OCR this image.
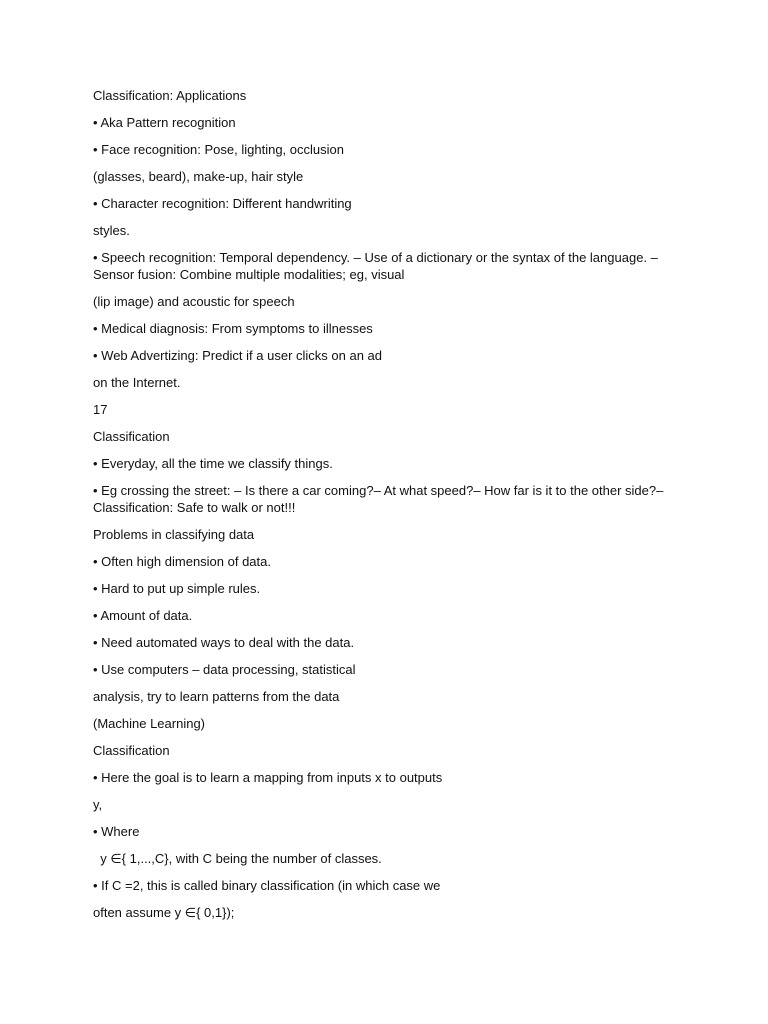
Classification: Applications

• Aka Pattern recognition

• Face recognition: Pose, lighting, occlusion

(glasses, beard), make-up, hair style

• Character recognition: Different handwriting

styles.

• Speech recognition: Temporal dependency. – Use of a dictionary or the syntax of the language. – Sensor fusion: Combine multiple modalities; eg, visual

(lip image) and acoustic for speech

• Medical diagnosis: From symptoms to illnesses

• Web Advertizing: Predict if a user clicks on an ad

on the Internet.

17

Classification

• Everyday, all the time we classify things.

• Eg crossing the street: – Is there a car coming?– At what speed?– How far is it to the other side?– Classification: Safe to walk or not!!!

Problems in classifying data

• Often high dimension of data.

• Hard to put up simple rules.

• Amount of data.

• Need automated ways to deal with the data.

• Use computers – data processing, statistical

analysis, try to learn patterns from the data

(Machine Learning)

Classification

• Here the goal is to learn a mapping from inputs x to outputs

y,

• Where

y ∈{ 1,...,C}, with C being the number of classes.

• If C =2, this is called binary classification (in which case we

often assume y ∈{ 0,1});
